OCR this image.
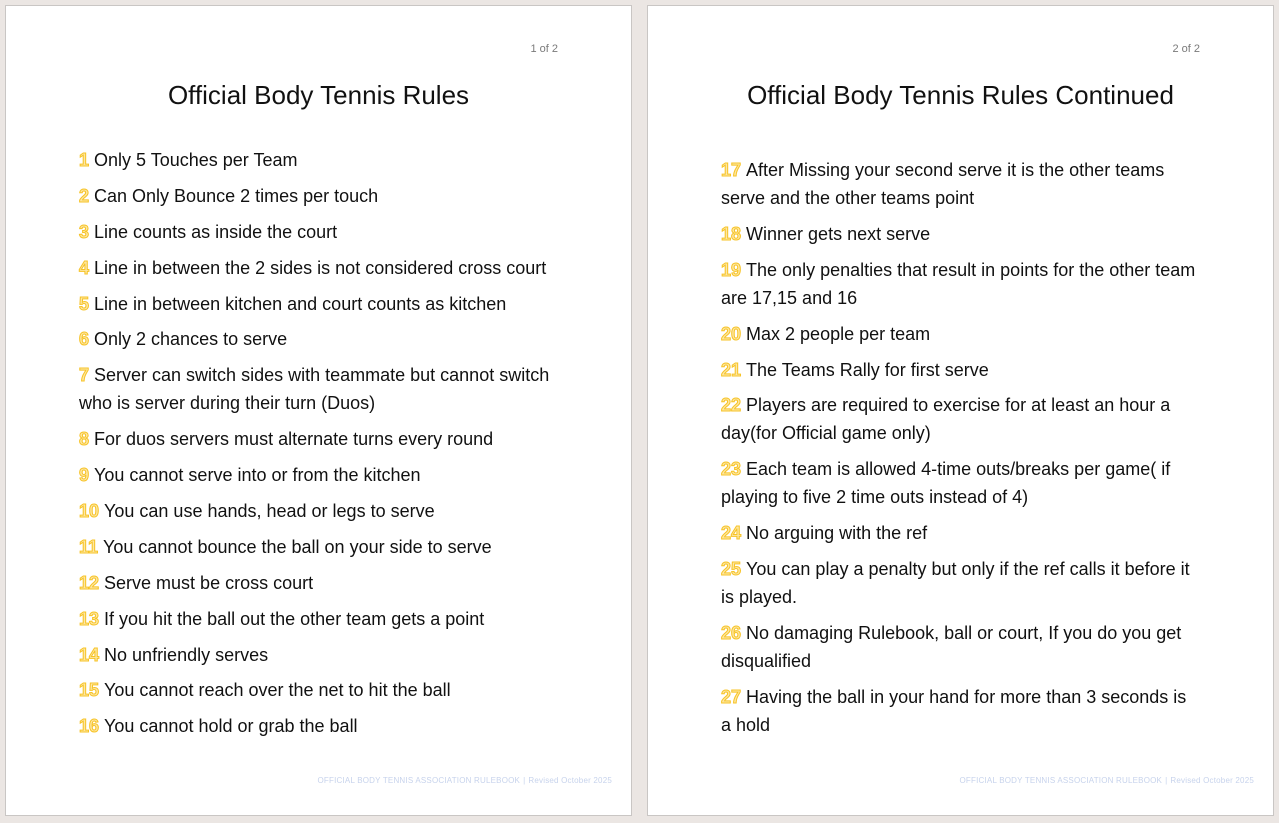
1 of 2
Official Body Tennis Rules
1 Only 5 Touches per Team
2 Can Only Bounce 2 times per touch
3 Line counts as inside the court
4 Line in between the 2 sides is not considered cross court
5 Line in between kitchen and court counts as kitchen
6 Only 2 chances to serve
7 Server can switch sides with teammate but cannot switch who is server during their turn (Duos)
8 For duos servers must alternate turns every round
9 You cannot serve into or from the kitchen
10 You can use hands, head or legs to serve
11 You cannot bounce the ball on your side to serve
12 Serve must be cross court
13 If you hit the ball out the other team gets a point
14 No unfriendly serves
15 You cannot reach over the net to hit the ball
16 You cannot hold or grab the ball
OFFICIAL BODY TENNIS ASSOCIATION RULEBOOK | Revised October 2025
2 of 2
Official Body Tennis Rules Continued
17 After Missing your second serve it is the other teams serve and the other teams point
18 Winner gets next serve
19 The only penalties that result in points for the other team are 17,15 and 16
20 Max 2 people per team
21 The Teams Rally for first serve
22 Players are required to exercise for at least an hour a day(for Official game only)
23 Each team is allowed 4-time outs/breaks per game( if playing to five 2 time outs instead of 4)
24 No arguing with the ref
25 You can play a penalty but only if the ref calls it before it is played.
26 No damaging Rulebook, ball or court, If you do you get disqualified
27 Having the ball in your hand for more than 3 seconds is a hold
OFFICIAL BODY TENNIS ASSOCIATION RULEBOOK | Revised October 2025
